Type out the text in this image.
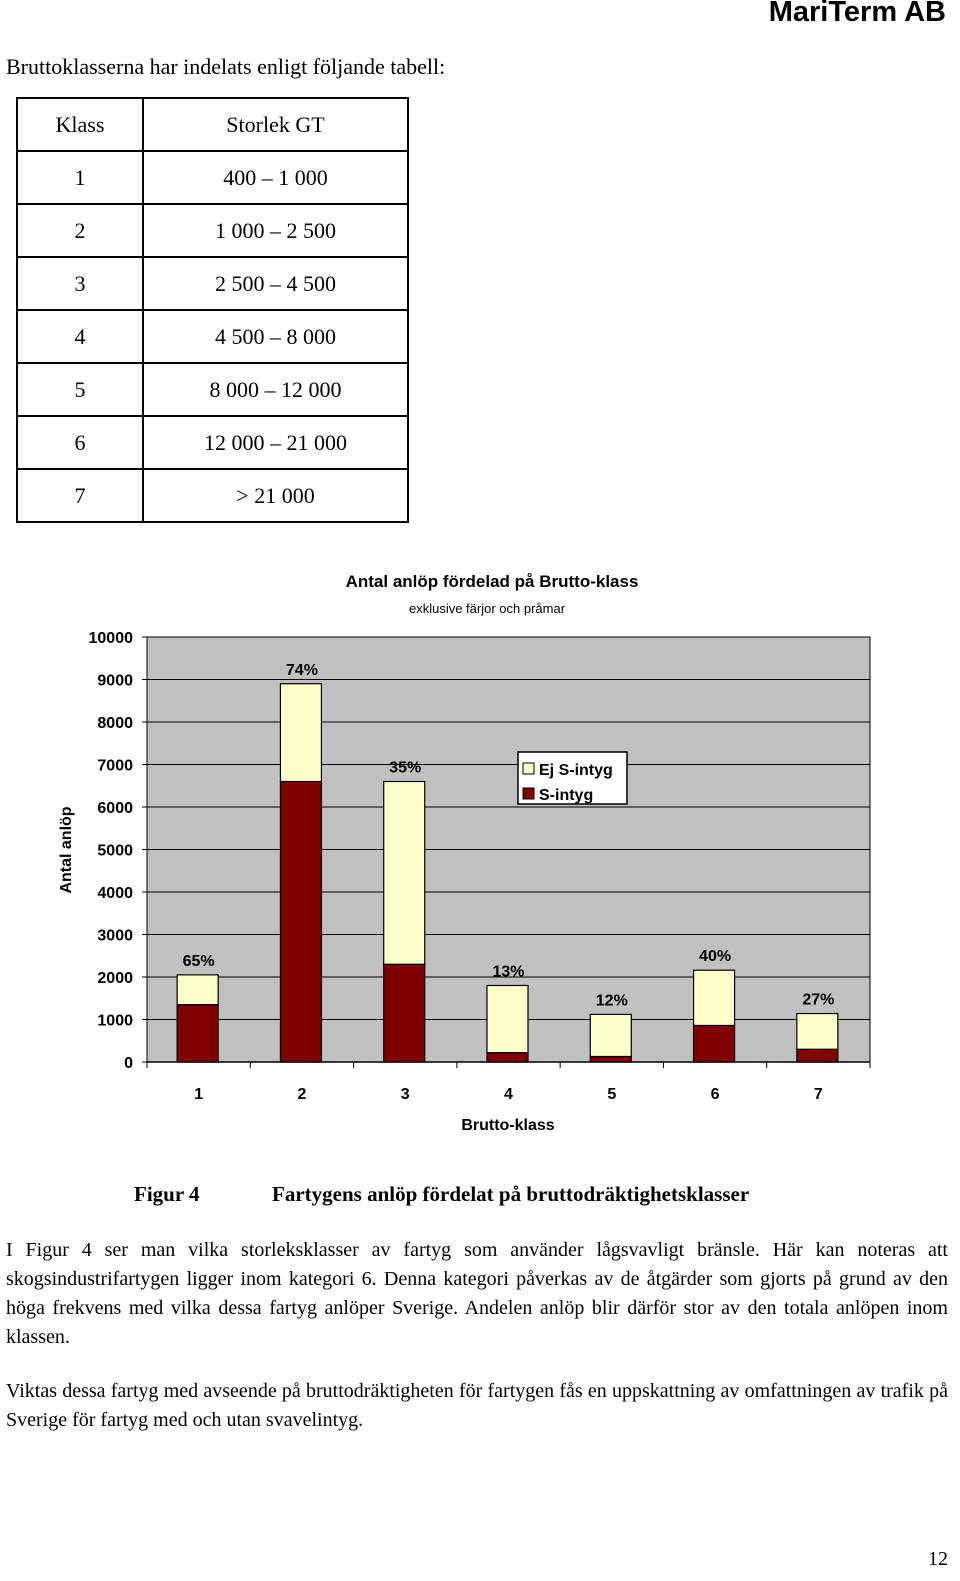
MariTerm AB
Bruttoklasserna har indelats enligt följande tabell:
Klass	Storlek GT
1	400 – 1 000
2	1 000 – 2 500
3	2 500 – 4 500
4	4 500 – 8 000
5	8 000 – 12 000
6	12 000 – 21 000
7	> 21 000
0
1000
2000
3000
4000
5000
6000
7000
8000
9000
10000
1
65%
2
74%
3
35%
4
13%
5
12%
6
40%
7
27%
Antal anlöp fördelad på Brutto-klass
exklusive färjor och pråmar
Brutto-klass
Antal anlöp
Ej S-intyg
S-intyg
Figur 4	Fartygens anlöp fördelat på bruttodräktighetsklasser

I Figur 4 ser man vilka storleksklasser av fartyg som använder lågsvavligt bränsle. Här kan noteras att skogsindustrifartygen ligger inom kategori 6. Denna kategori påverkas av de åtgärder som gjorts på grund av den höga frekvens med vilka dessa fartyg anlöper Sverige. Andelen anlöp blir därför stor av den totala anlöpen inom klassen.

Viktas dessa fartyg med avseende på bruttodräktigheten för fartygen fås en uppskattning av omfattningen av trafik på Sverige för fartyg med och utan svavelintyg.

12
